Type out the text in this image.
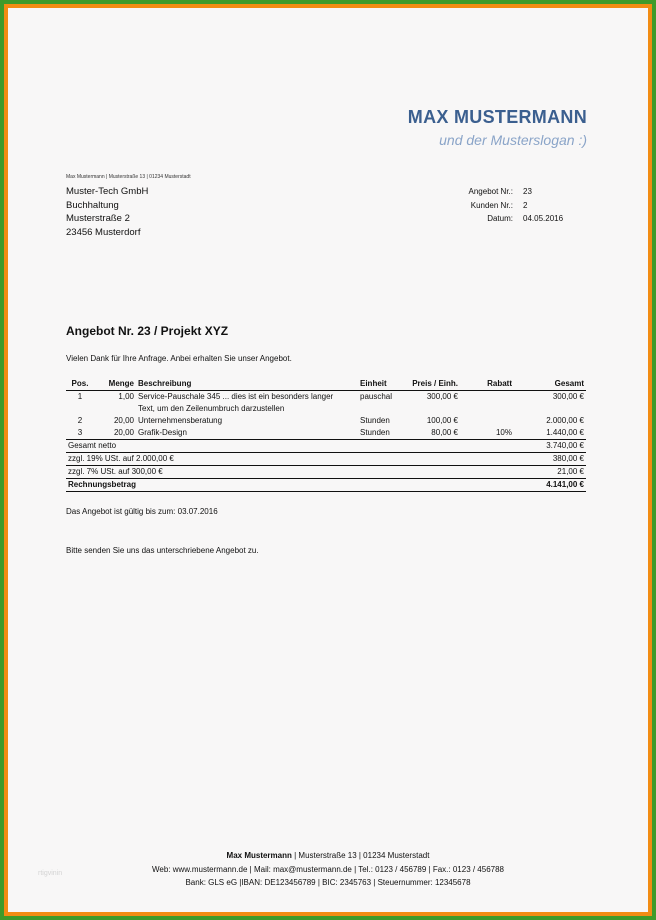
MAX MUSTERMANN
und der Musterslogan :)
Max Mustermann | Musterstraße 13 | 01234 Musterstadt
Muster-Tech GmbH
Buchhaltung
Musterstraße 2
23456 Musterdorf
Angebot Nr.:	23
Kunden Nr.:	2
Datum:	04.05.2016
Angebot Nr. 23 / Projekt XYZ
Vielen Dank für Ihre Anfrage. Anbei erhalten Sie unser Angebot.
Pos.	Menge	Beschreibung	Einheit	Preis / Einh.	Rabatt	Gesamt
1	1,00	Service-Pauschale 345 ... dies ist ein besonders langer
Text, um den Zeilenumbruch darzustellen	pauschal	300,00 €		300,00 €
2	20,00	Unternehmensberatung	Stunden	100,00 €		2.000,00 €
3	20,00	Grafik-Design	Stunden	80,00 €	10%	1.440,00 €
Gesamt netto						3.740,00 €
zzgl. 19% USt. auf 2.000,00 €						380,00 €
zzgl. 7% USt. auf 300,00 €						21,00 €
Rechnungsbetrag						4.141,00 €
Das Angebot ist gültig bis zum: 03.07.2016
Bitte senden Sie uns das unterschriebene Angebot zu.
Max Mustermann | Musterstraße 13 | 01234 Musterstadt
Web: www.mustermann.de | Mail: max@mustermann.de | Tel.: 0123 / 456789 | Fax.: 0123 / 456788
Bank: GLS eG |IBAN: DE123456789 | BIC: 2345763 | Steuernummer: 12345678
rtigvinin
